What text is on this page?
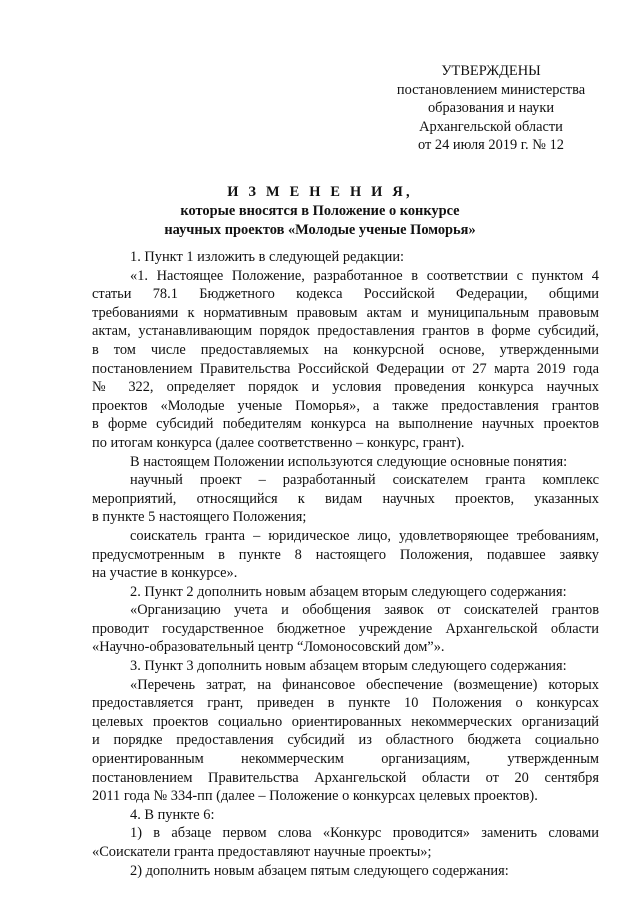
УТВЕРЖДЕНЫ
постановлением министерства
образования и науки
Архангельской области
от 24 июля 2019 г. № 12
И З М Е Н Е Н И Я,
которые вносятся в Положение о конкурсе
научных проектов «Молодые ученые Поморья»
1. Пункт 1 изложить в следующей редакции:
«1. Настоящее Положение, разработанное в соответствии с пунктом 4
статьи 78.1 Бюджетного кодекса Российской Федерации, общими
требованиями к нормативным правовым актам и муниципальным правовым
актам, устанавливающим порядок предоставления грантов в форме субсидий,
в том числе предоставляемых на конкурсной основе, утвержденными
постановлением Правительства Российской Федерации от 27 марта 2019 года
№ 322, определяет порядок и условия проведения конкурса научных
проектов «Молодые ученые Поморья», а также предоставления грантов
в форме субсидий победителям конкурса на выполнение научных проектов
по итогам конкурса (далее соответственно – конкурс, грант).
В настоящем Положении используются следующие основные понятия:
научный проект – разработанный соискателем гранта комплекс
мероприятий, относящийся к видам научных проектов, указанных
в пункте 5 настоящего Положения;
соискатель гранта – юридическое лицо, удовлетворяющее требованиям,
предусмотренным в пункте 8 настоящего Положения, подавшее заявку
на участие в конкурсе».
2. Пункт 2 дополнить новым абзацем вторым следующего содержания:
«Организацию учета и обобщения заявок от соискателей грантов
проводит государственное бюджетное учреждение Архангельской области
«Научно-образовательный центр “Ломоносовский дом”».
3. Пункт 3 дополнить новым абзацем вторым следующего содержания:
«Перечень затрат, на финансовое обеспечение (возмещение) которых
предоставляется грант, приведен в пункте 10 Положения о конкурсах
целевых проектов социально ориентированных некоммерческих организаций
и порядке предоставления субсидий из областного бюджета социально
ориентированным некоммерческим организациям, утвержденным
постановлением Правительства Архангельской области от 20 сентября
2011 года № 334-пп (далее – Положение о конкурсах целевых проектов).
4. В пункте 6:
1) в абзаце первом слова «Конкурс проводится» заменить словами
«Соискатели гранта предоставляют научные проекты»;
2) дополнить новым абзацем пятым следующего содержания:
